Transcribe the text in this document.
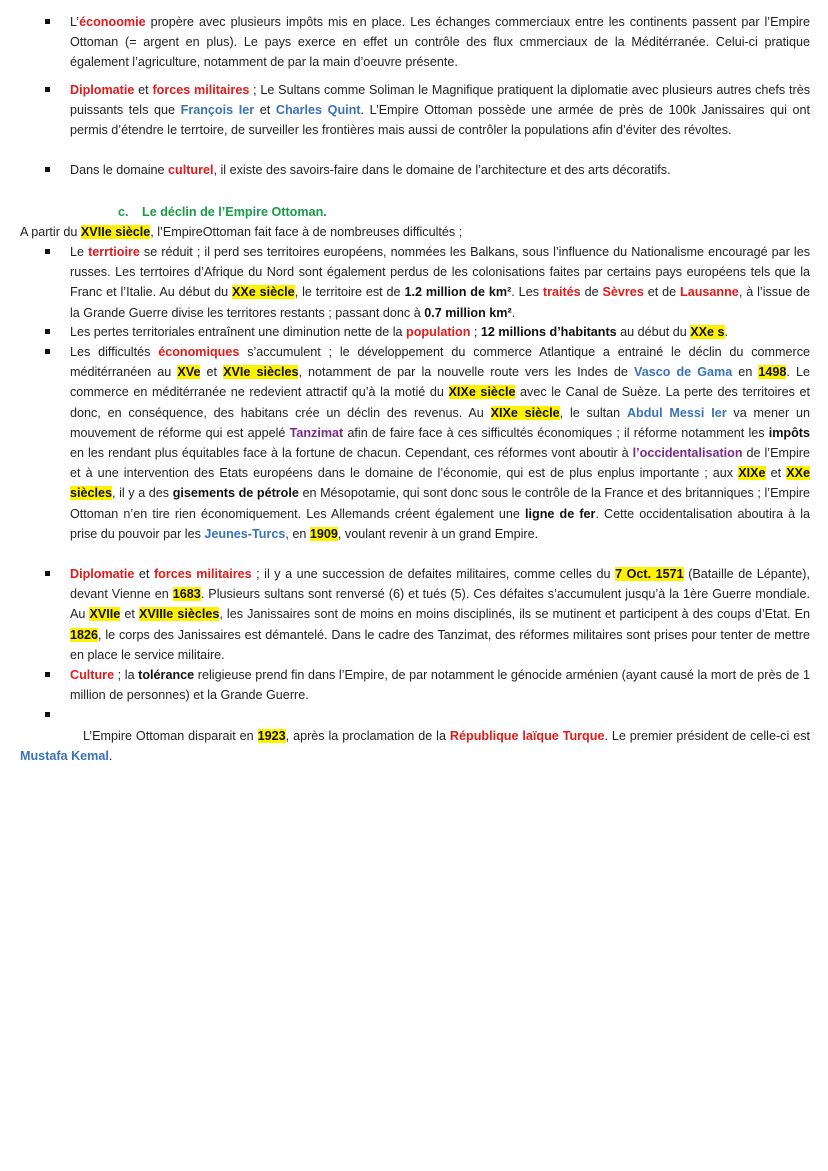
L’éconoomie propère avec plusieurs impôts mis en place. Les échanges commerciaux entre les continents passent par l’Empire Ottoman (= argent en plus). Le pays exerce en effet un contrôle des flux cmmerciaux de la Méditérranée. Celui-ci pratique également l’agriculture, notamment de par la main d’oeuvre présente.
Diplomatie et forces militaires ; Le Sultans comme Soliman le Magnifique pratiquent la diplomatie avec plusieurs autres chefs très puissants tels que François Ier et Charles Quint. L’Empire Ottoman possède une armée de près de 100k Janissaires qui ont permis d’étendre le terrtoire, de surveiller les frontières mais aussi de contrôler la populations afin d’éviter des révoltes.
Dans le domaine culturel, il existe des savoirs-faire dans le domaine de l’architecture et des arts décoratifs.
c. Le déclin de l’Empire Ottoman.
A partir du XVIIe siècle, l’EmpireOttoman fait face à de nombreuses difficultés ;
Le terrtioire se réduit ; il perd ses territoires européens, nommées les Balkans, sous l’influence du Nationalisme encouragé par les russes. Les terrtoires d’Afrique du Nord sont également perdus de les colonisations faites par certains pays européens tels que la Franc et l’Italie. Au début du XXe siècle, le territoire est de 1.2 million de km². Les traités de Sèvres et de Lausanne, à l’issue de la Grande Guerre divise les territores restants ; passant donc à 0.7 million km².
Les pertes territoriales entraînent une diminution nette de la population ; 12 millions d’habitants au début du XXe s.
Les difficultés économiques s’accumulent ; le développement du commerce Atlantique a entrainé le déclin du commerce méditérranéen au XVe et XVIe siècles, notamment de par la nouvelle route vers les Indes de Vasco de Gama en 1498. Le commerce en méditérranée ne redevient attractif qu’à la motié du XIXe siècle avec le Canal de Suèze. La perte des territoires et donc, en conséquence, des habitans crée un déclin des revenus. Au XIXe siècle, le sultan Abdul Messi Ier va mener un mouvement de réforme qui est appelé Tanzimat afin de faire face à ces sifficultés économiques ; il réforme notamment les impôts en les rendant plus équitables face à la fortune de chacun. Cependant, ces réformes vont aboutir à l’occidentalisation de l’Empire et à une intervention des Etats européens dans le domaine de l’économie, qui est de plus enplus importante ; aux XIXe et XXe siècles, il y a des gisements de pétrole en Mésopotamie, qui sont donc sous le contrôle de la France et des britanniques ; l’Empire Ottoman n’en tire rien économiquement. Les Allemands créent également une ligne de fer. Cette occidentalisation aboutira à la prise du pouvoir par les Jeunes-Turcs, en 1909, voulant revenir à un grand Empire.
Diplomatie et forces militaires ; il y a une succession de defaites militaires, comme celles du 7 Oct. 1571 (Bataille de Lépante), devant Vienne en 1683. Plusieurs sultans sont renversé (6) et tués (5). Ces défaites s’accumulent jusqu’à la 1ère Guerre mondiale. Au XVIIe et XVIIIe siècles, les Janissaires sont de moins en moins disciplinés, ils se mutinent et participent à des coups d’Etat. En 1826, le corps des Janissaires est démantelé. Dans le cadre des Tanzimat, des réformes militaires sont prises pour tenter de mettre en place le service militaire.
Culture ; la tolérance religieuse prend fin dans l’Empire, de par notamment le génocide arménien (ayant causé la mort de près de 1 million de personnes) et la Grande Guerre.

L’Empire Ottoman disparait en 1923, après la proclamation de la République laïque Turque. Le premier président de celle-ci est Mustafa Kemal.
